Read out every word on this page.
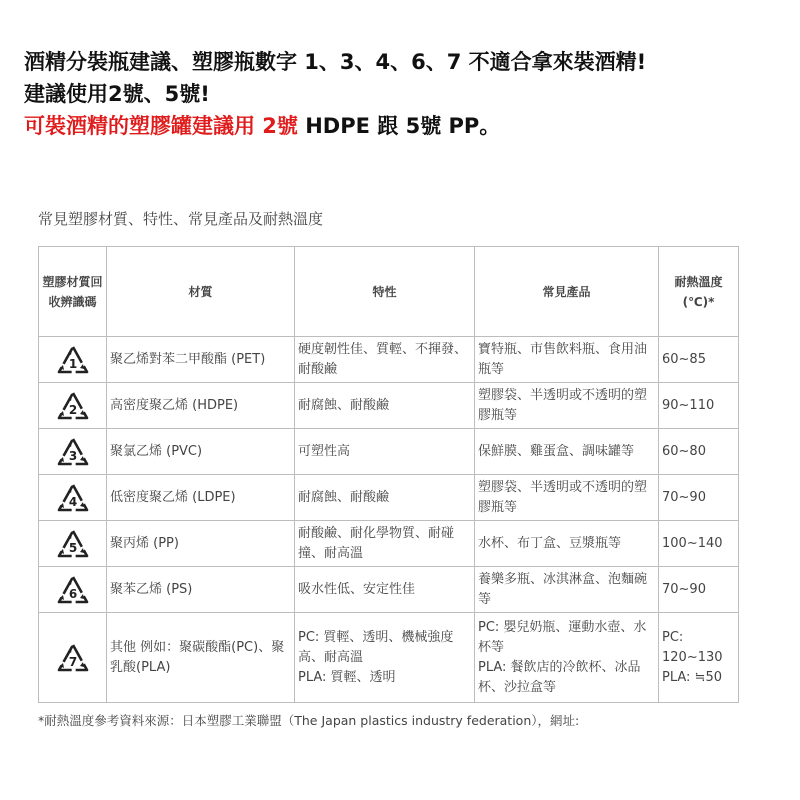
酒精分裝瓶建議、塑膠瓶數字 1、3、4、6、7 不適合拿來裝酒精!
建議使用2號、5號!
可裝酒精的塑膠罐建議用 2號 HDPE 跟 5號 PP。
常見塑膠材質、特性、常見產品及耐熱溫度
塑膠材質回收辨識碼	材質	特性	常見產品	耐熱溫度(℃)*

1	聚乙烯對苯二甲酸酯 (PET)	硬度韌性佳、質輕、不揮發、耐酸鹼	寶特瓶、市售飲料瓶、食用油瓶等	60~85

2	高密度聚乙烯 (HDPE)	耐腐蝕、耐酸鹼	塑膠袋、半透明或不透明的塑膠瓶等	90~110

3	聚氯乙烯 (PVC)	可塑性高	保鮮膜、雞蛋盒、調味罐等	60~80

4	低密度聚乙烯 (LDPE)	耐腐蝕、耐酸鹼	塑膠袋、半透明或不透明的塑膠瓶等	70~90

5	聚丙烯 (PP)	耐酸鹼、耐化學物質、耐碰撞、耐高溫	水杯、布丁盒、豆漿瓶等	100~140

6	聚苯乙烯 (PS)	吸水性低、安定性佳	養樂多瓶、冰淇淋盒、泡麵碗等	70~90

7	其他 例如：聚碳酸酯(PC)、聚乳酸(PLA)	PC: 質輕、透明、機械強度高、耐高溫
PLA: 質輕、透明	PC: 嬰兒奶瓶、運動水壺、水杯等
PLA: 餐飲店的冷飲杯、冰品杯、沙拉盒等	PC:
120~130
PLA: ≒50
*耐熱溫度參考資料來源：日本塑膠工業聯盟（The Japan plastics industry federation），網址:
